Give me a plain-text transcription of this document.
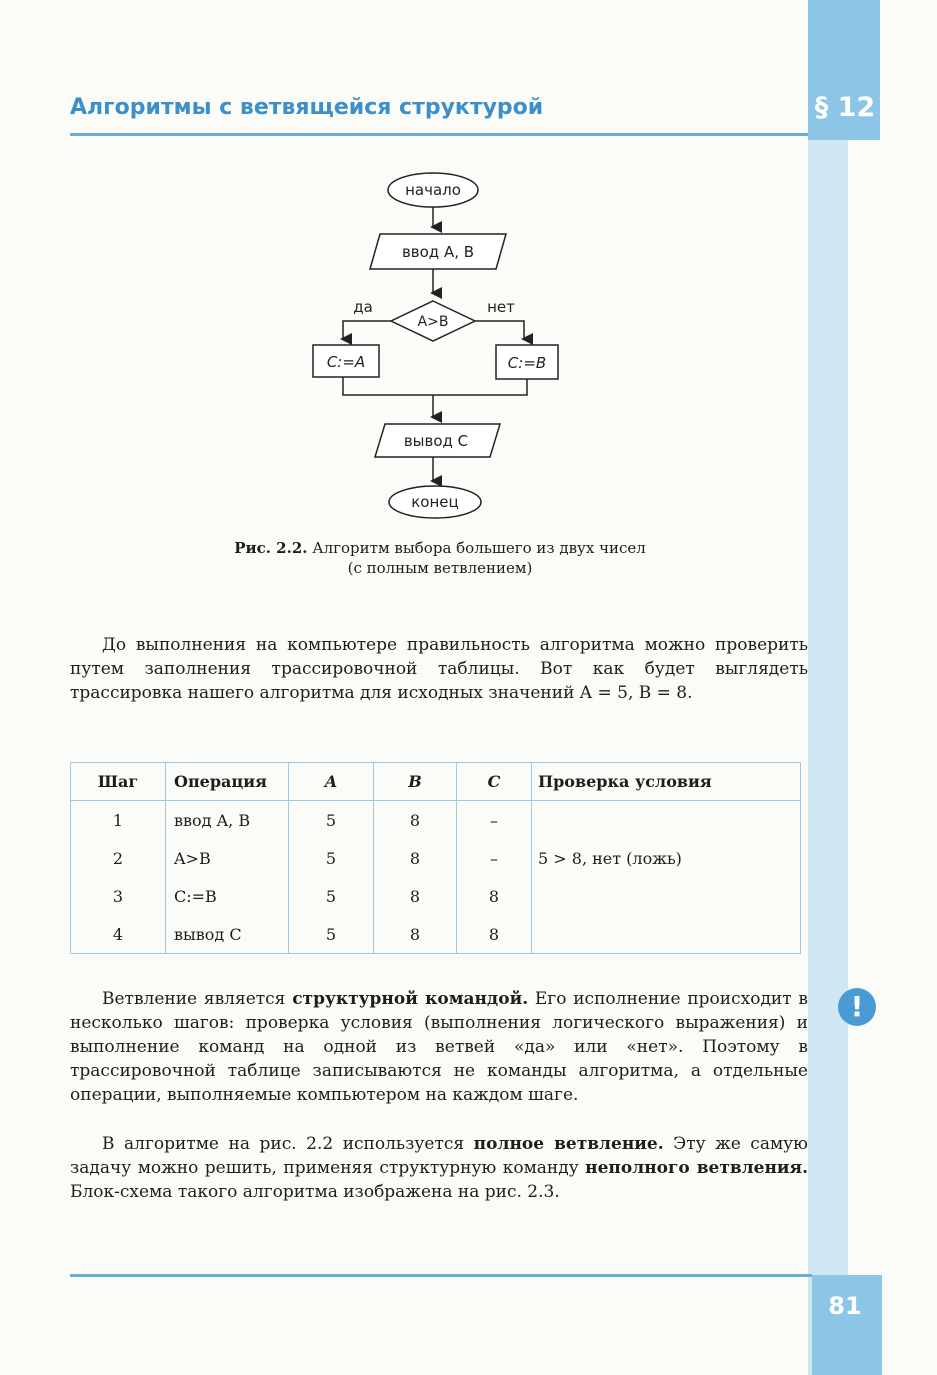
Алгоритмы с ветвящейся структурой	§ 12
начало
ввод A, B
A>B
да	нет
C:=A	C:=B
вывод C
конец
Рис. 2.2. Алгоритм выбора большего из двух чисел
(с полным ветвлением)
До выполнения на компьютере правильность алгоритма можно проверить путем заполнения трассировочной таблицы. Вот как будет выглядеть трассировка нашего алгоритма для исходных значений A = 5, B = 8.
Шаг	Операция	A	B	C	Проверка условия
1	ввод A, B	5	8	–	
2	A>B	5	8	–	5 > 8, нет (ложь)
3	C:=B	5	8	8	
4	вывод C	5	8	8	
Ветвление является структурной командой. Его исполнение происходит в несколько шагов: проверка условия (выполнения логического выражения) и выполнение команд на одной из ветвей «да» или «нет». Поэтому в трассировочной таблице записываются не команды алгоритма, а отдельные операции, выполняемые компьютером на каждом шаге.
В алгоритме на рис. 2.2 используется полное ветвление. Эту же самую задачу можно решить, применяя структурную команду неполного ветвления. Блок-схема такого алгоритма изображена на рис. 2.3.
!
81
